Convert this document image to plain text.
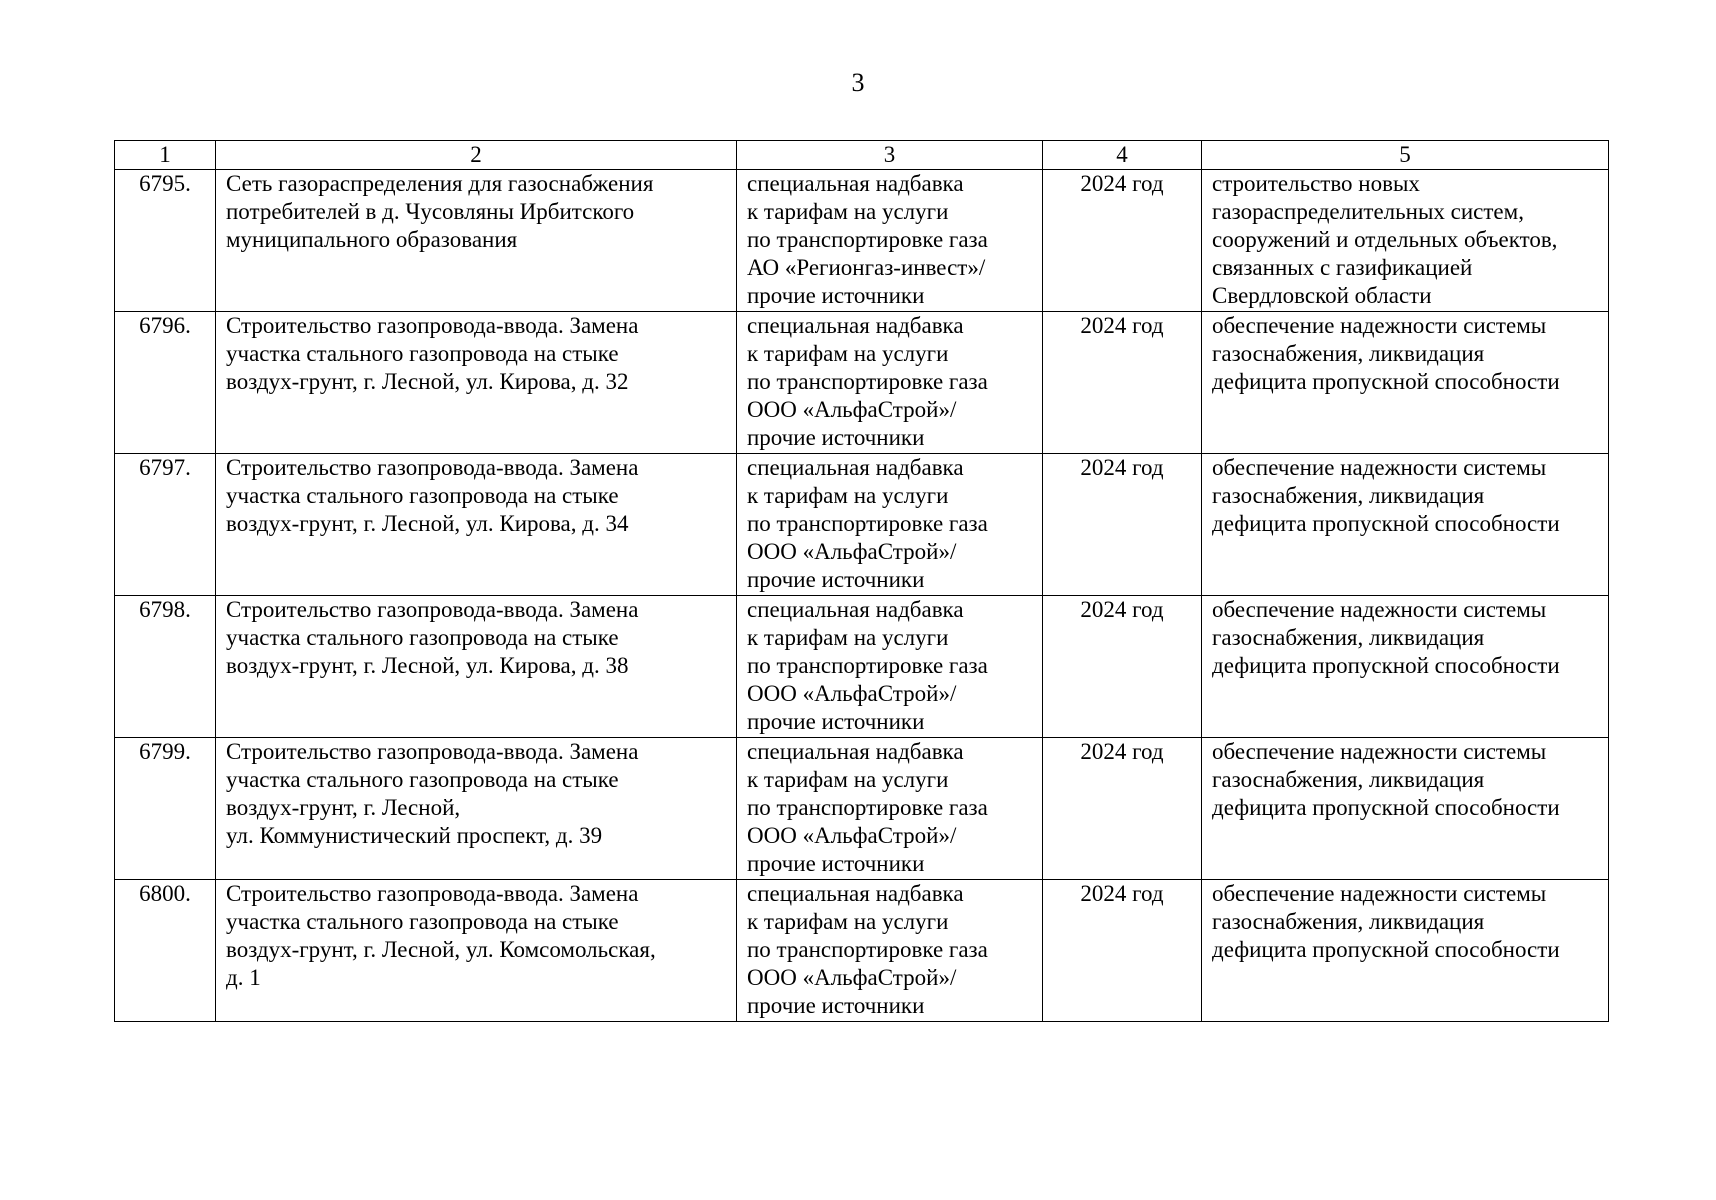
3
1	2	3	4	5
6795.	Сеть газораспределения для газоснабжения
потребителей в д. Чусовляны Ирбитского
муниципального образования	специальная надбавка
к тарифам на услуги
по транспортировке газа
АО «Регионгаз-инвест»/
прочие источники	2024 год	строительство новых
газораспределительных систем,
сооружений и отдельных объектов,
связанных с газификацией
Свердловской области

6796.	Строительство газопровода-ввода. Замена
участка стального газопровода на стыке
воздух-грунт, г. Лесной, ул. Кирова, д. 32	специальная надбавка
к тарифам на услуги
по транспортировке газа
ООО «АльфаСтрой»/
прочие источники	2024 год	обеспечение надежности системы
газоснабжения, ликвидация
дефицита пропускной способности

6797.	Строительство газопровода-ввода. Замена
участка стального газопровода на стыке
воздух-грунт, г. Лесной, ул. Кирова, д. 34	специальная надбавка
к тарифам на услуги
по транспортировке газа
ООО «АльфаСтрой»/
прочие источники	2024 год	обеспечение надежности системы
газоснабжения, ликвидация
дефицита пропускной способности

6798.	Строительство газопровода-ввода. Замена
участка стального газопровода на стыке
воздух-грунт, г. Лесной, ул. Кирова, д. 38	специальная надбавка
к тарифам на услуги
по транспортировке газа
ООО «АльфаСтрой»/
прочие источники	2024 год	обеспечение надежности системы
газоснабжения, ликвидация
дефицита пропускной способности

6799.	Строительство газопровода-ввода. Замена
участка стального газопровода на стыке
воздух-грунт, г. Лесной,
ул. Коммунистический проспект, д. 39	специальная надбавка
к тарифам на услуги
по транспортировке газа
ООО «АльфаСтрой»/
прочие источники	2024 год	обеспечение надежности системы
газоснабжения, ликвидация
дефицита пропускной способности

6800.	Строительство газопровода-ввода. Замена
участка стального газопровода на стыке
воздух-грунт, г. Лесной, ул. Комсомольская,
д. 1	специальная надбавка
к тарифам на услуги
по транспортировке газа
ООО «АльфаСтрой»/
прочие источники	2024 год	обеспечение надежности системы
газоснабжения, ликвидация
дефицита пропускной способности
